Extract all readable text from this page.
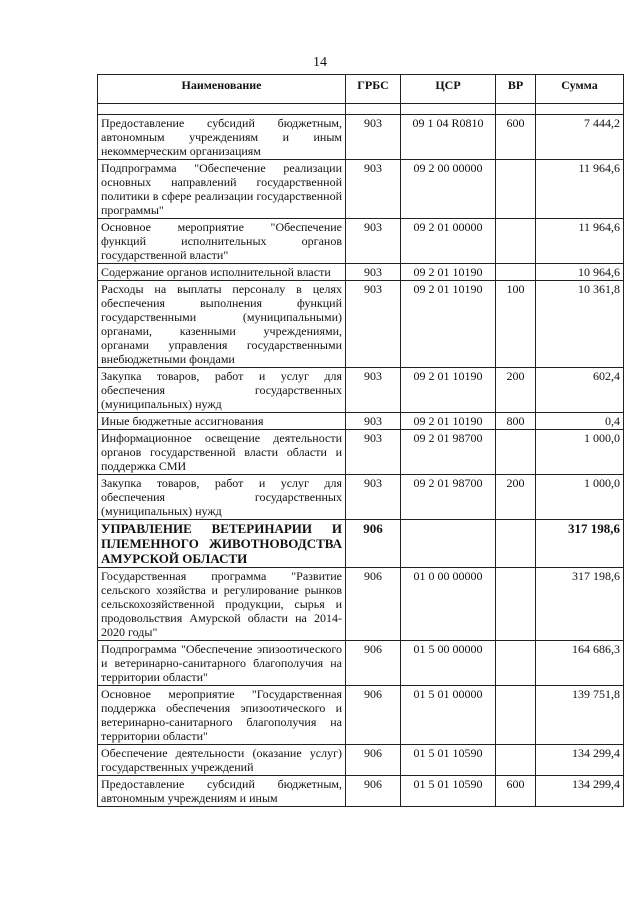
14
Наименование	ГРБС	ЦСР	ВР	Сумма

Предоставление субсидий бюджетным, автономным учреждениям и иным некоммерческим организациям	903	09 1 04 R0810	600	7 444,2
Подпрограмма "Обеспечение реализации основных направлений государственной политики в сфере реализации государственной программы"	903	09 2 00 00000		11 964,6
Основное мероприятие "Обеспечение функций исполнительных органов государственной власти"	903	09 2 01 00000		11 964,6
Содержание органов исполнительной власти	903	09 2 01 10190		10 964,6
Расходы на выплаты персоналу в целях обеспечения выполнения функций государственными (муниципальными) органами, казенными учреждениями, органами управления государственными внебюджетными фондами	903	09 2 01 10190	100	10 361,8
Закупка товаров, работ и услуг для обеспечения государственных (муниципальных) нужд	903	09 2 01 10190	200	602,4
Иные бюджетные ассигнования	903	09 2 01 10190	800	0,4
Информационное освещение деятельности органов государственной власти области и поддержка СМИ	903	09 2 01 98700		1 000,0
Закупка товаров, работ и услуг для обеспечения государственных (муниципальных) нужд	903	09 2 01 98700	200	1 000,0
УПРАВЛЕНИЕ ВЕТЕРИНАРИИ И ПЛЕМЕННОГО ЖИВОТНОВОДСТВА АМУРСКОЙ ОБЛАСТИ	906			317 198,6
Государственная программа "Развитие сельского хозяйства и регулирование рынков сельскохозяйственной продукции, сырья и продовольствия Амурской области на 2014-2020 годы"	906	01 0 00 00000		317 198,6
Подпрограмма "Обеспечение эпизоотического и ветеринарно-санитарного благополучия на территории области"	906	01 5 00 00000		164 686,3
Основное мероприятие "Государственная поддержка обеспечения эпизоотического и ветеринарно-санитарного благополучия на территории области"	906	01 5 01 00000		139 751,8
Обеспечение деятельности (оказание услуг) государственных учреждений	906	01 5 01 10590		134 299,4
Предоставление субсидий бюджетным, автономным учреждениям и иным	906	01 5 01 10590	600	134 299,4
